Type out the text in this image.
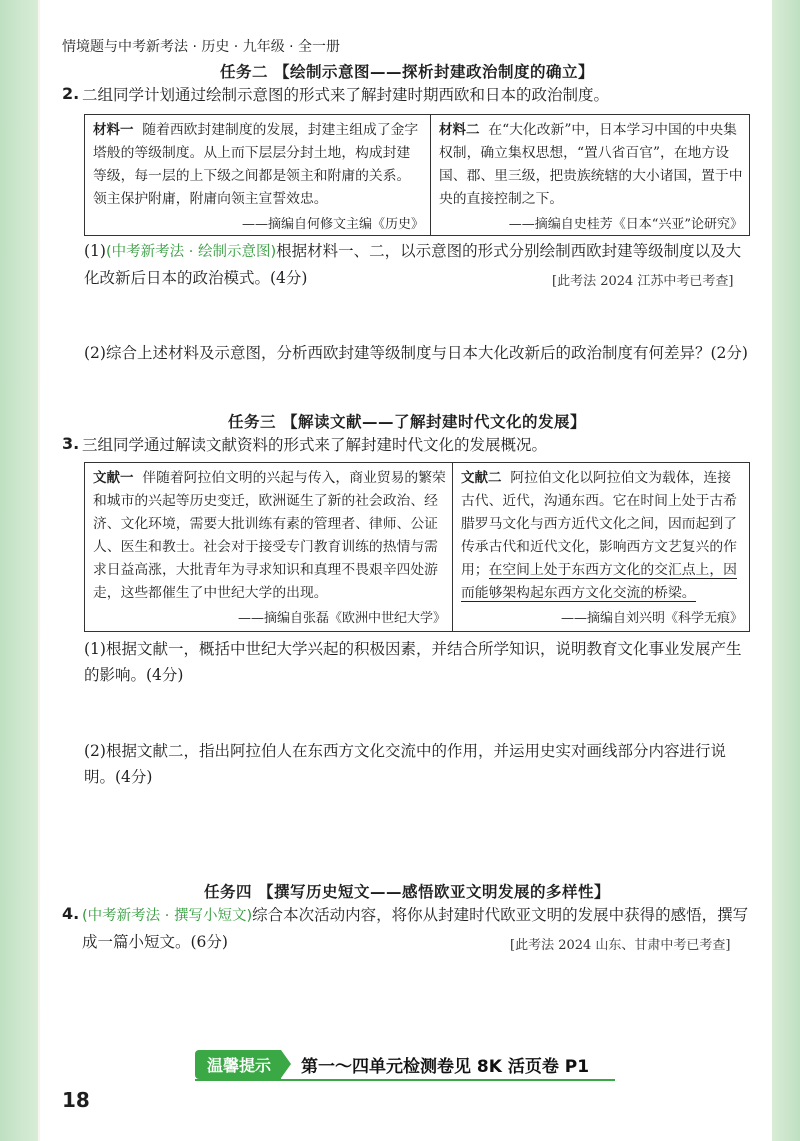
情境题与中考新考法 · 历史 · 九年级 · 全一册
任务二 【绘制示意图——探析封建政治制度的确立】
2. 二组同学计划通过绘制示意图的形式来了解封建时期西欧和日本的政治制度。
材料一 随着西欧封建制度的发展，封建主组成了金字塔般的等级制度。从上而下层层分封土地，构成封建等级，每一层的上下级之间都是领主和附庸的关系。领主保护附庸，附庸向领主宣誓效忠。
——摘编自何修文主编《历史》
材料二 在“大化改新”中，日本学习中国的中央集权制，确立集权思想，“置八省百官”，在地方设国、郡、里三级，把贵族统辖的大小诸国，置于中央的直接控制之下。
——摘编自史桂芳《日本“兴亚”论研究》
(1)(中考新考法 · 绘制示意图)根据材料一、二，以示意图的形式分别绘制西欧封建等级制度以及大化改新后日本的政治模式。(4分)	[此考法 2024 江苏中考已考查]
(2)综合上述材料及示意图，分析西欧封建等级制度与日本大化改新后的政治制度有何差异？(2分)
任务三 【解读文献——了解封建时代文化的发展】
3. 三组同学通过解读文献资料的形式来了解封建时代文化的发展概况。
文献一 伴随着阿拉伯文明的兴起与传入，商业贸易的繁荣和城市的兴起等历史变迁，欧洲诞生了新的社会政治、经济、文化环境，需要大批训练有素的管理者、律师、公证人、医生和教士。社会对于接受专门教育训练的热情与需求日益高涨，大批青年为寻求知识和真理不畏艰辛四处游走，这些都催生了中世纪大学的出现。
——摘编自张磊《欧洲中世纪大学》
文献二 阿拉伯文化以阿拉伯文为载体，连接古代、近代，沟通东西。它在时间上处于古希腊罗马文化与西方近代文化之间，因而起到了传承古代和近代文化，影响西方文艺复兴的作用；在空间上处于东西方文化的交汇点上，因而能够架构起东西方文化交流的桥梁。
——摘编自刘兴明《科学无痕》
(1)根据文献一，概括中世纪大学兴起的积极因素，并结合所学知识，说明教育文化事业发展产生的影响。(4分)
(2)根据文献二，指出阿拉伯人在东西方文化交流中的作用，并运用史实对画线部分内容进行说明。(4分)
任务四 【撰写历史短文——感悟欧亚文明发展的多样性】
4. (中考新考法 · 撰写小短文)综合本次活动内容，将你从封建时代欧亚文明的发展中获得的感悟，撰写成一篇小短文。(6分)	[此考法 2024 山东、甘肃中考已考查]
温馨提示	第一～四单元检测卷见 8K 活页卷 P1
18
